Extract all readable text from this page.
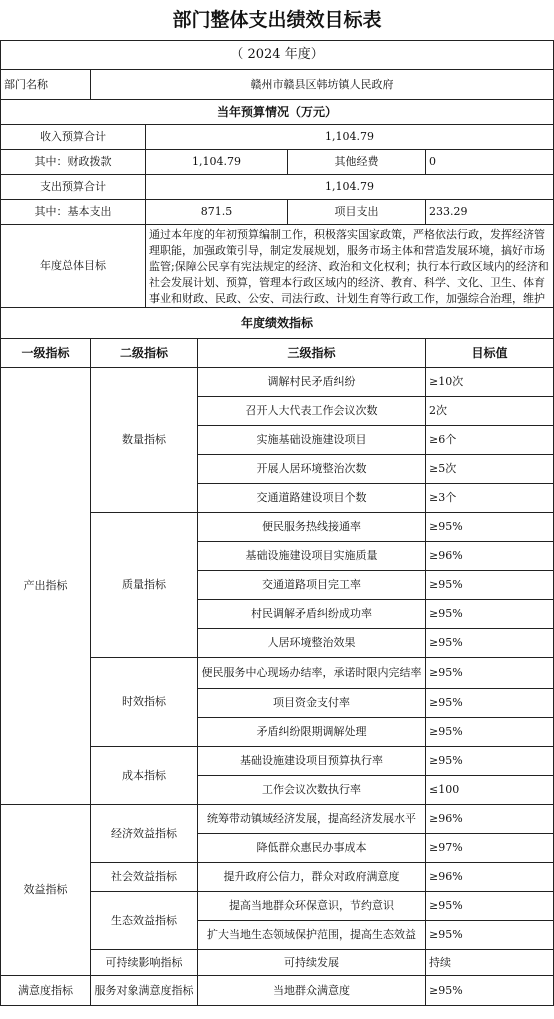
部门整体支出绩效目标表					
（ 2024 年度）					
部门名称	赣州市赣县区韩坊镇人民政府				
当年预算情况（万元）					
收入预算合计		1,104.79			
其中：财政拨款		1,104.79		其他经费	0
支出预算合计		1,104.79			
其中：基本支出		871.5		项目支出	233.29
年度总体目标		通过本年度的年初预算编制工作，积极落实国家政策，严格依法行政，发挥经济管理职能，加强政策引导，制定发展规划，服务市场主体和营造发展环境，搞好市场监管;保障公民享有宪法规定的经济、政治和文化权利；执行本行政区域内的经济和社会发展计划、预算，管理本行政区域内的经济、教育、科学、文化、卫生、体育事业和财政、民政、公安、司法行政、计划生育等行政工作，加强综合治理，维护			

年度绩效指标					
一级指标	二级指标		三级指标		目标值
产出指标	数量指标		调解村民矛盾纠纷		≥10次
			召开人大代表工作会议次数		2次
			实施基础设施建设项目		≥6个
			开展人居环境整治次数		≥5次
			交通道路建设项目个数		≥3个
	质量指标		便民服务热线接通率		≥95%
			基础设施建设项目实施质量		≥96%
			交通道路项目完工率		≥95%
			村民调解矛盾纠纷成功率		≥95%
			人居环境整治效果		≥95%
	时效指标		便民服务中心现场办结率，承诺时限内完结率		≥95%
			项目资金支付率		≥95%
			矛盾纠纷限期调解处理		≥95%
	成本指标		基础设施建设项目预算执行率		≥95%
			工作会议次数执行率		≤100
效益指标	经济效益指标		统筹带动镇域经济发展，提高经济发展水平		≥96%
			降低群众惠民办事成本		≥97%
	社会效益指标		提升政府公信力，群众对政府满意度		≥96%
	生态效益指标		提高当地群众环保意识，节约意识		≥95%
			扩大当地生态领域保护范围，提高生态效益		≥95%
	可持续影响指标		可持续发展		持续
满意度指标	服务对象满意度指标		当地群众满意度		≥95%
